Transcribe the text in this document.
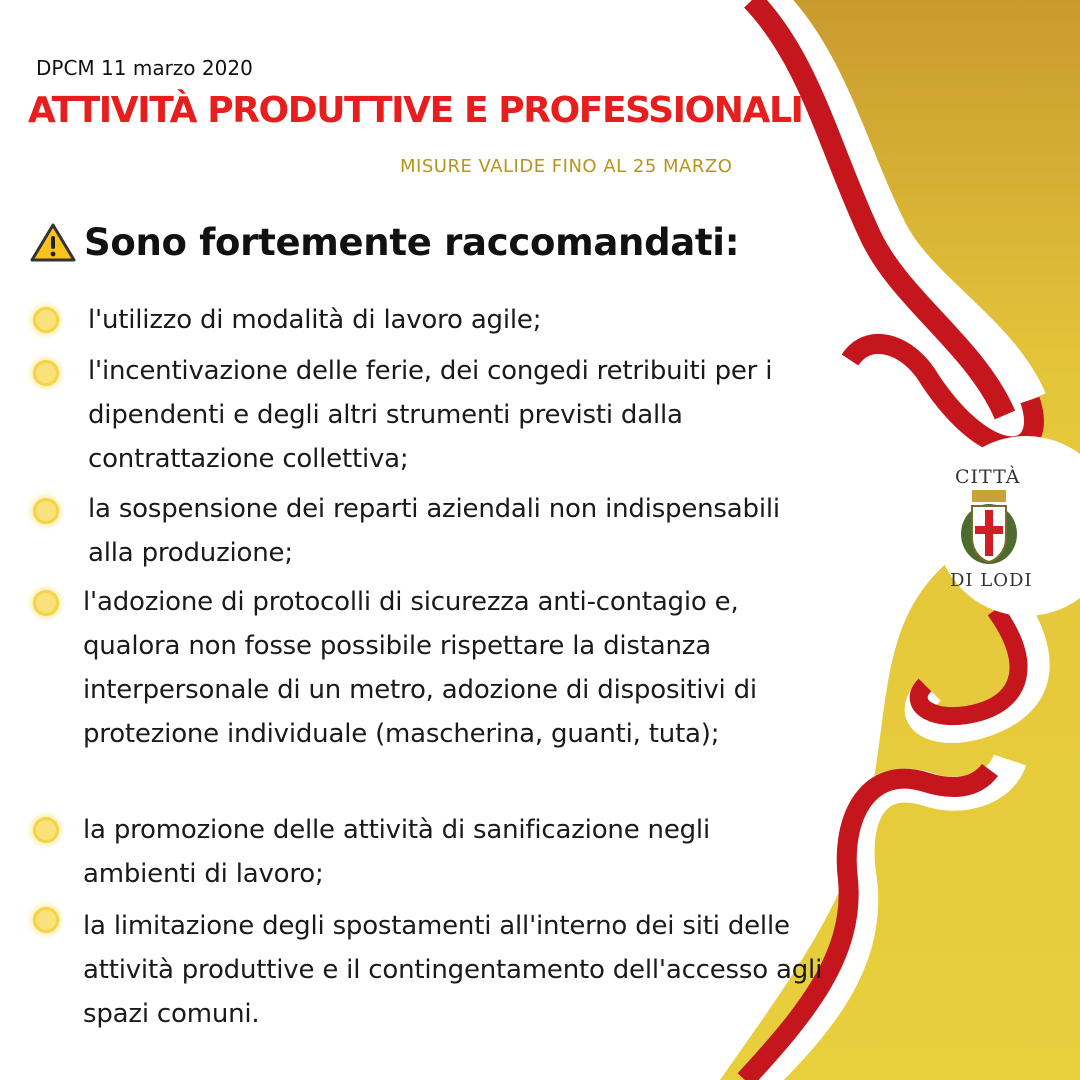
CITTÀ
DI LODI
DPCM 11 marzo 2020
ATTIVITÀ PRODUTTIVE E PROFESSIONALI
MISURE VALIDE FINO AL 25 MARZO
Sono fortemente raccomandati:
l'utilizzo di modalità di lavoro agile;
l'incentivazione delle ferie, dei congedi retribuiti per i dipendenti e degli altri strumenti previsti dalla contrattazione collettiva;
la sospensione dei reparti aziendali non indispensabili alla produzione;
l'adozione di protocolli di sicurezza anti-contagio e, qualora non fosse possibile rispettare la distanza interpersonale di un metro, adozione di dispositivi di protezione individuale (mascherina, guanti, tuta);
la promozione delle attività di sanificazione negli ambienti di lavoro;
la limitazione degli spostamenti all'interno dei siti delle attività produttive e il contingentamento dell'accesso agli spazi comuni.
